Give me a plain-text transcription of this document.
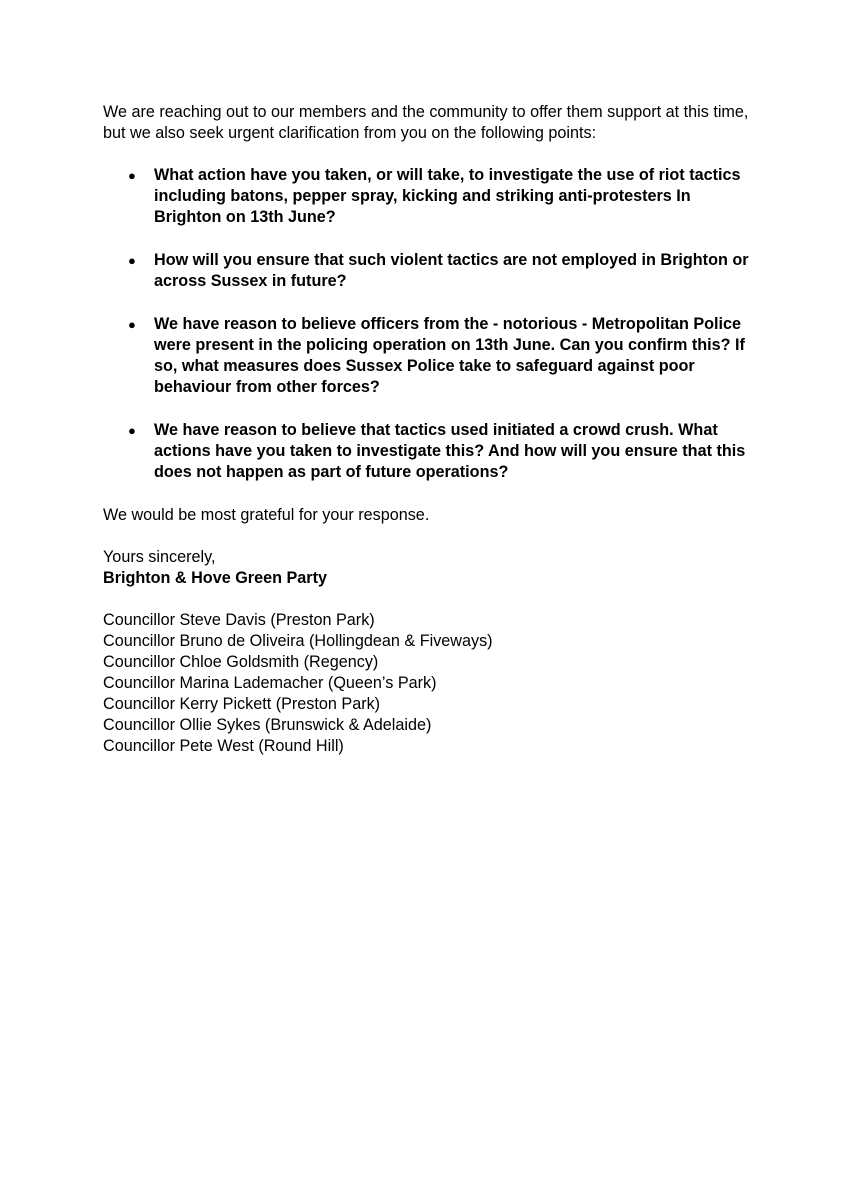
We are reaching out to our members and the community to offer them support at this time, but we also seek urgent clarification from you on the following points:

● What action have you taken, or will take, to investigate the use of riot tactics including batons, pepper spray, kicking and striking anti-protesters In Brighton on 13th June?
● How will you ensure that such violent tactics are not employed in Brighton or across Sussex in future?
● We have reason to believe officers from the - notorious - Metropolitan Police were present in the policing operation on 13th June. Can you confirm this? If so, what measures does Sussex Police take to safeguard against poor behaviour from other forces?
● We have reason to believe that tactics used initiated a crowd crush. What actions have you taken to investigate this? And how will you ensure that this does not happen as part of future operations?

We would be most grateful for your response.

Yours sincerely,

Brighton & Hove Green Party

Councillor Steve Davis (Preston Park)
Councillor Bruno de Oliveira (Hollingdean & Fiveways)
Councillor Chloe Goldsmith (Regency)
Councillor Marina Lademacher (Queen’s Park)
Councillor Kerry Pickett (Preston Park)
Councillor Ollie Sykes (Brunswick & Adelaide)
Councillor Pete West (Round Hill)
